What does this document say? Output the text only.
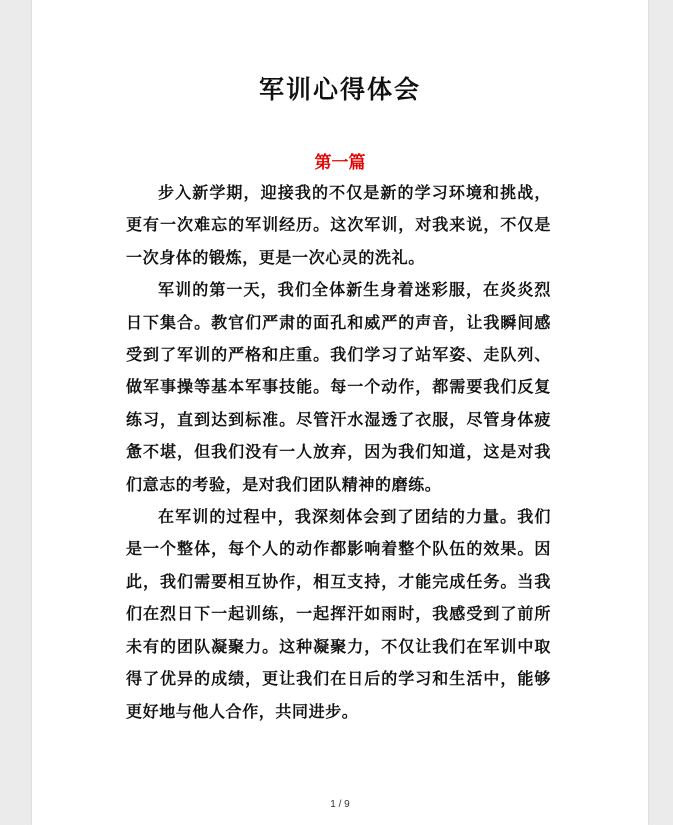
军训心得体会
第一篇

步入新学期，迎接我的不仅是新的学习环境和挑战，更有一次难忘的军训经历。这次军训，对我来说，不仅是一次身体的锻炼，更是一次心灵的洗礼。

军训的第一天，我们全体新生身着迷彩服，在炎炎烈日下集合。教官们严肃的面孔和威严的声音，让我瞬间感受到了军训的严格和庄重。我们学习了站军姿、走队列、做军事操等基本军事技能。每一个动作，都需要我们反复练习，直到达到标准。尽管汗水湿透了衣服，尽管身体疲惫不堪，但我们没有一人放弃，因为我们知道，这是对我们意志的考验，是对我们团队精神的磨练。

在军训的过程中，我深刻体会到了团结的力量。我们是一个整体，每个人的动作都影响着整个队伍的效果。因此，我们需要相互协作，相互支持，才能完成任务。当我们在烈日下一起训练，一起挥汗如雨时，我感受到了前所未有的团队凝聚力。这种凝聚力，不仅让我们在军训中取得了优异的成绩，更让我们在日后的学习和生活中，能够更好地与他人合作，共同进步。

1 / 9
